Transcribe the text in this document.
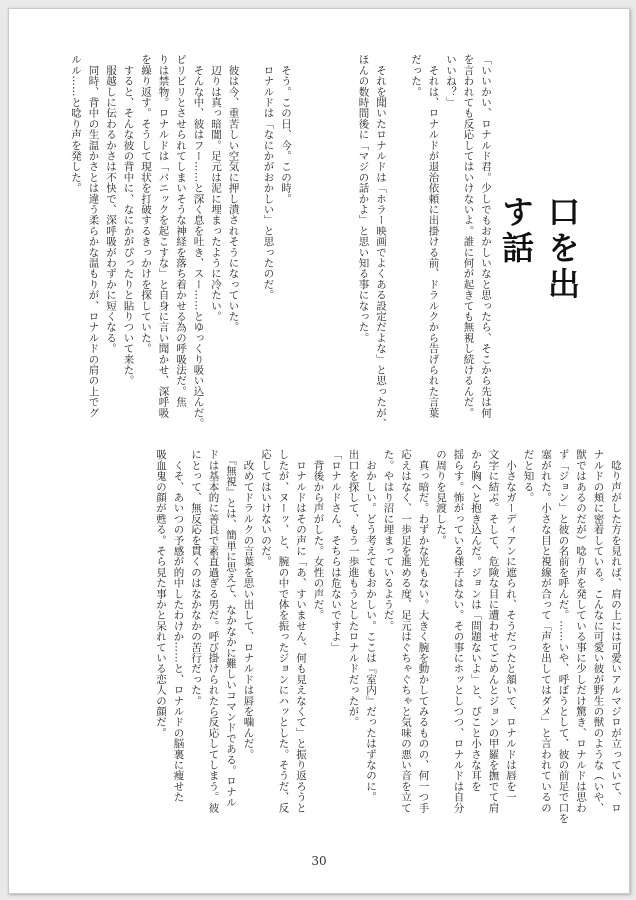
「いいかい、ロナルド君。少しでもおかしいなと思ったら、そこから先は何
を言われても反応してはいけないよ。誰に何が起きても無視し続けるんだ。
いいね？」
　それは、ロナルドが退治依頼に出掛ける前、ドラルクから告げられた言葉
だった。

　それを聞いたロナルドは「ホラー映画でよくある設定だよな」と思ったが、
ほんの数時間後に「マジの話かよ」と思い知る事になった。	口を出す話
　そう。この日、今。この時。
　ロナルドは「なにかがおかしい」と思ったのだ。

　彼は今、重苦しい空気に押し潰されそうになっていた。
　辺りは真っ暗闇。足元は泥に埋まったように冷たい。
　そんな中、彼はフー……と深く息を吐き、スー……とゆっくり吸い込んだ。
ピリピリとさせられてしまいそうな神経を落ち着かせる為の呼吸法だ。焦
りは禁物。ロナルドは「パニックを起こすな」と自身に言い聞かせ、深呼吸
を繰り返す。そうして現状を打破するきっかけを探していた。
　すると、そんな彼の背中に、なにかがぴったりと貼りついて来た。
　服越しに伝わるかさは不快で、深呼吸がわずかに短くなる。
　同時、背中の生温かさとは違う柔らかな温もりが、ロナルドの肩の上でグ
ルル……と唸り声を発した。
　唸り声がした方を見れば、肩の上には可愛いアルマジロが立っていて、ロ
ナルドの頬に密着している。こんなに可愛い彼が野生の獣のような（いや、
獣ではあるのだが）唸り声を発している事に少しだけ驚き、ロナルドは思わ
ず「ジョン」と彼の名前を呼んだ。……いや、呼ぼうとして、彼の前足で口を
塞がれた。小さな目と視線が合って「声を出してはダメ」と言われているの
だと知る。
　小さなガーディアンに遮られ、そうだったと頷いて、ロナルドは唇を一
文字に結ぶ。そして、危険な目に遭わせてごめんとジョンの甲羅を撫でて肩
から胸へと抱き込んだ。ジョンは「問題ないよ」と、ぴこと小さな耳を
揺らす。怖がっている様子はない。その事にホッとしつつ、ロナルドは自分
の周りを見渡した。
　真っ暗だ。わずかな光もない。大きく腕を動かしてみるものの、何一つ手
応えはなく、一歩足を進める度、足元はぐちゃぐちゃと気味の悪い音を立て
た。やはり沼に埋まっているようだ。
　おかしい。どう考えてもおかしい。ここは『室内』だったはずなのに。
出口を探して、もう一歩進もうとしたロナルドだったが。
「ロナルドさん、そちらは危ないですよ」
　背後から声がした。女性の声だ。
　ロナルドはその声に「あ、すいません、何も見えなくて」と振り返ろうと
したが、ヌーッ、と、腕の中で体を振ったジョンにハッとした。そうだ、反
応してはいけないのだ。
　改めてドラルクの言葉を思い出して、ロナルドは唇を噛んだ。
　『無視』とは、簡単に思えて、なかなかに難しいコマンドである。ロナル
ドは基本的に善良で素直過ぎる男だ。呼び掛けられたら反応してしまう。彼
にとって、無反応を貫くのはなかなかの苦行だった。
　くそ、あいつの予感が的中したわけか……と、ロナルドの脳裏に痩せた
吸血鬼の顔が甦る。そら見た事かと呆れている恋人の顔だ。
30
